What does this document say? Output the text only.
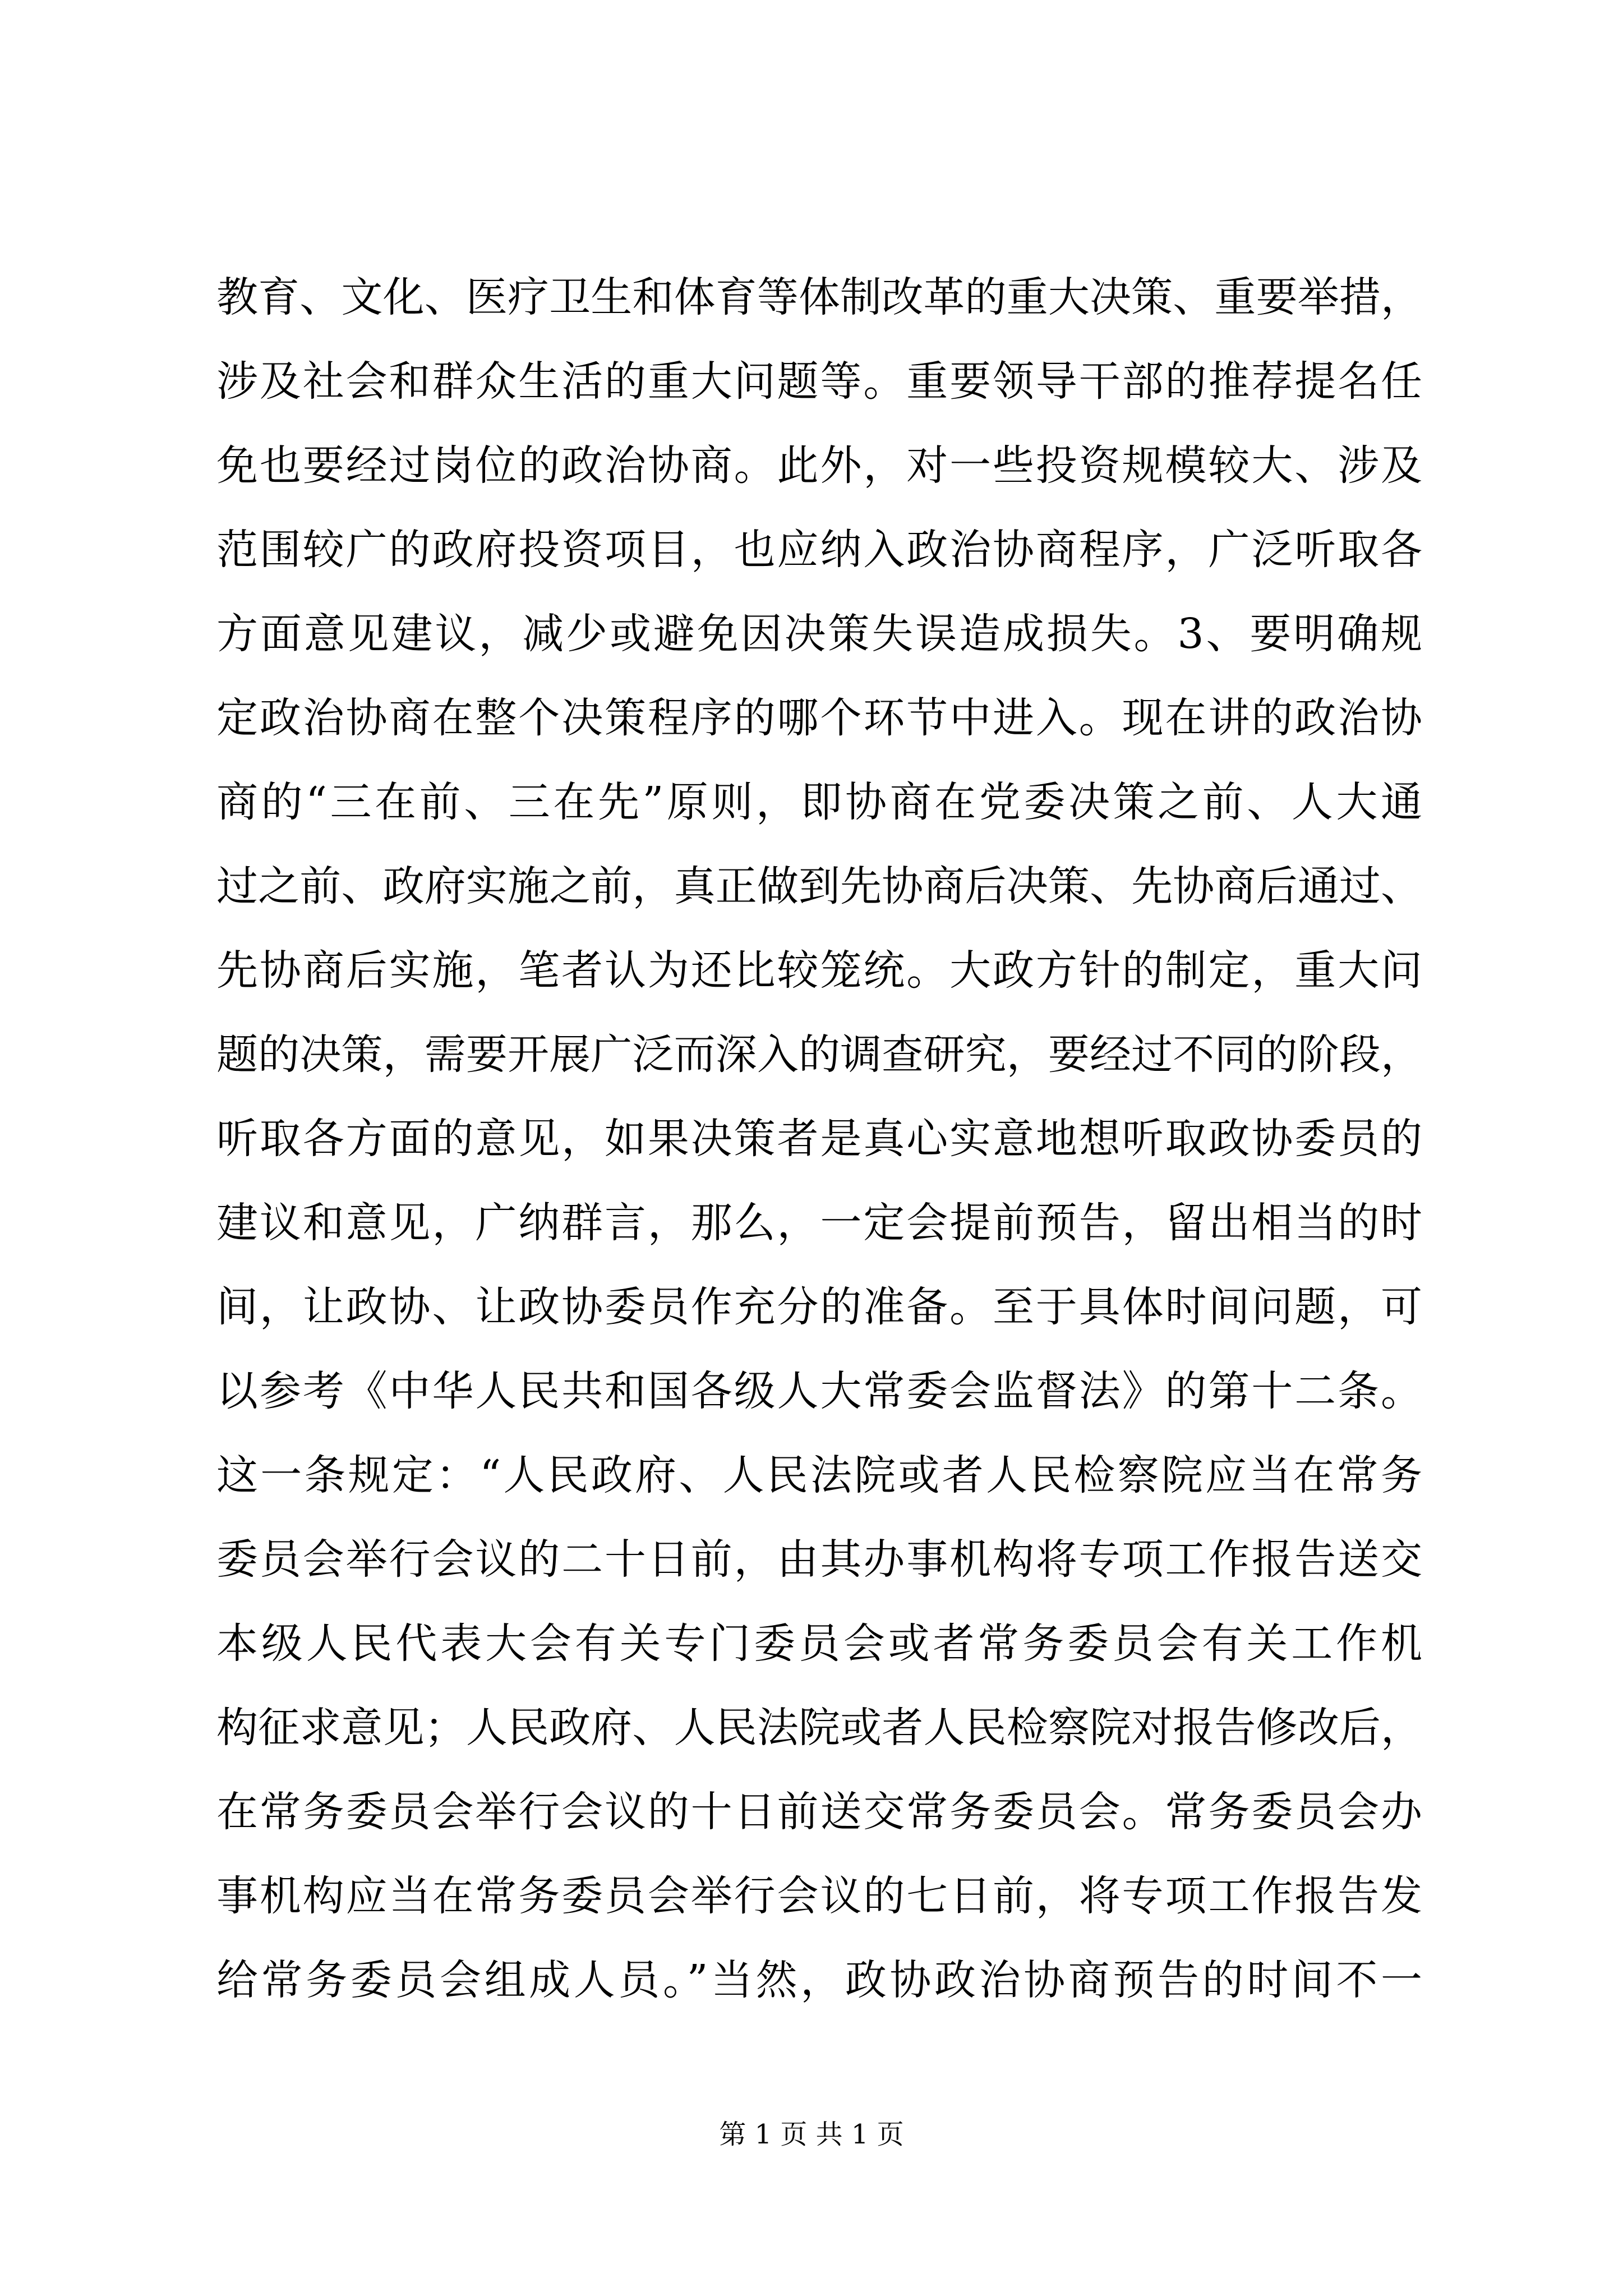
教育、文化、医疗卫生和体育等体制改革的重大决策、重要举措，
涉及社会和群众生活的重大问题等。重要领导干部的推荐提名任
免也要经过岗位的政治协商。此外，对一些投资规模较大、涉及
范围较广的政府投资项目，也应纳入政治协商程序，广泛听取各
方面意见建议，减少或避免因决策失误造成损失。3、要明确规
定政治协商在整个决策程序的哪个环节中进入。现在讲的政治协
商的“三在前、三在先”原则，即协商在党委决策之前、人大通
过之前、政府实施之前，真正做到先协商后决策、先协商后通过、
先协商后实施，笔者认为还比较笼统。大政方针的制定，重大问
题的决策，需要开展广泛而深入的调查研究，要经过不同的阶段，
听取各方面的意见，如果决策者是真心实意地想听取政协委员的
建议和意见，广纳群言，那么，一定会提前预告，留出相当的时
间，让政协、让政协委员作充分的准备。至于具体时间问题，可
以参考《中华人民共和国各级人大常委会监督法》的第十二条。
这一条规定：“人民政府、人民法院或者人民检察院应当在常务
委员会举行会议的二十日前，由其办事机构将专项工作报告送交
本级人民代表大会有关专门委员会或者常务委员会有关工作机
构征求意见；人民政府、人民法院或者人民检察院对报告修改后，
在常务委员会举行会议的十日前送交常务委员会。常务委员会办
事机构应当在常务委员会举行会议的七日前，将专项工作报告发
给常务委员会组成人员。”当然，政协政治协商预告的时间不一
第 1 页 共 1 页
